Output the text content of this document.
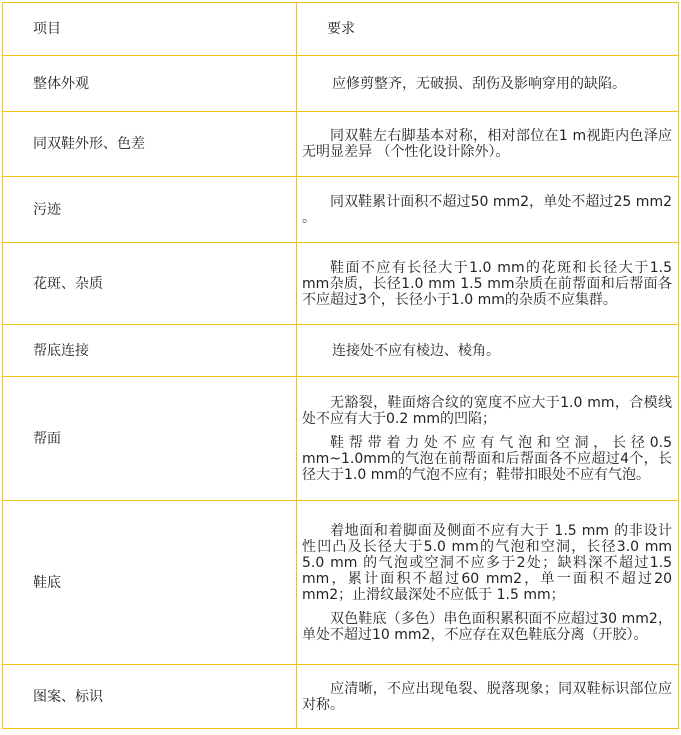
项目	要求
整体外观	应修剪整齐，无破损、刮伤及影响穿用的缺陷。

同双鞋外形、色差	同双鞋左右脚基本对称，相对部位在1 m视距内色泽应无明显差异 （个性化设计除外）。

污迹	同双鞋累计面积不超过50 mm2，单处不超过25 mm2 。

花斑、杂质	鞋面不应有长径大于1.0 mm的花斑和长径大于1.5 mm杂质，长径1.0 mm 1.5 mm杂质在前帮面和后帮面各不应超过3个，长径小于1.0 mm的杂质不应集群。

帮底连接	连接处不应有棱边、棱角。

帮面	无豁裂，鞋面熔合纹的宽度不应大于1.0 mm，合模线处不应有大于0.2 mm的凹陷；

鞋帮带着力处不应有气泡和空洞，长径0.5 mm~1.0mm的气泡在前帮面和后帮面各不应超过4个，长径大于1.0 mm的气泡不应有；鞋带扣眼处不应有气泡。

鞋底	着地面和着脚面及侧面不应有大于 1.5 mm 的非设计性凹凸及长径大于5.0 mm的气泡和空洞，长径3.0 mm 5.0 mm 的气泡或空洞不应多于2处；缺料深不超过1.5 mm，累计面积不超过60 mm2，单一面积不超过20 mm2；止滑纹最深处不应低于 1.5 mm；

双色鞋底（多色）串色面积累积面不应超过30 mm2，单处不超过10 mm2，不应存在双色鞋底分离（开胶）。

图案、标识	应清晰，不应出现龟裂、脱落现象；同双鞋标识部位应对称。
